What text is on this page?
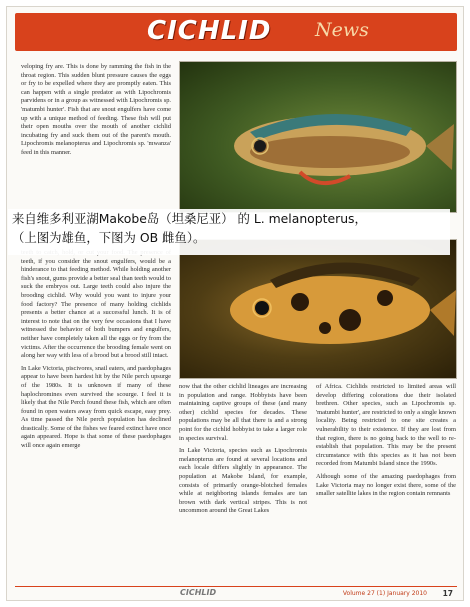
CICHLID News

veloping fry are. This is done by ramming the fish in the throat region. This sudden blunt pressure causes the eggs or fry to be expelled where they are promptly eaten. This can happen with a single predator as with Lipochromis parvidens or in a group as witnessed with Lipochromis sp. 'matumbi hunter'. Fish that are snout engulfers have come up with a unique method of feeding. These fish will put their open mouths over the mouth of another cichlid incubating fry and suck them out of the parent's mouth. Lipochromis melanopterus and Lipochromis sp. 'mwanza' feed in this manner.

teeth, if you consider the snout engulfers, would be a hinderance to that feeding method. While holding another fish's snout, gums provide a better seal than teeth would to suck the embryos out. Large teeth could also injure the brooding cichlid. Why would you want to injure your food factory? The presence of many holding cichlids presents a better chance at a successful lunch. It is of interest to note that on the very few occasions that I have witnessed the behavior of both bumpers and engulfers, neither have completely taken all the eggs or fry from the victims. After the occurrence the brooding female went on along her way with less of a brood but a brood still intact.

In Lake Victoria, piscivores, snail eaters, and paedophages appear to have been hardest hit by the Nile perch upsurge of the 1980s. It is unknown if many of these haplochromines even survived the scourge. I feel it is likely that the Nile Perch found these fish, which are often found in open waters away from quick escape, easy prey. As time passed the Nile perch population has declined drastically. Some of the fishes we feared extinct have once again appeared. Hope is that some of these paedophages will once again emerge

now that the other cichlid lineages are increasing in population and range. Hobbyists have been maintaining captive groups of these (and many other) cichlid species for decades. These populations may be all that there is and a strong point for the cichlid hobbyist to take a larger role in species survival.

In Lake Victoria, species such as Lipochromis melanopterus are found at several locations and each locale differs slightly in appearance. The population at Makobe Island, for example, consists of primarily orange-blotched females while at neighboring islands females are tan brown with dark vertical stripes. This is not uncommon around the Great Lakes

of Africa. Cichlids restricted to limited areas will develop differing colorations due their isolated brethren. Other species, such as Lipochromis sp. 'matumbi hunter', are restricted to only a single known locality. Being restricted to one site creates a vulnerability to their existence. If they are lost from that region, there is no going back to the well to re-establish that population. This may be the present circumstance with this species as it has not been recorded from Matumbi Island since the 1990s.

Although some of the amazing paedophages from Lake Victoria may no longer exist there, some of the smaller satellite lakes in the region contain remnants

CICHLID	Volume 27 (1) January 2010 17
来自维多利亚湖Makobe岛（坦桑尼亚） 的 L. melanopterus，
（上图为雄鱼，下图为 OB 雌鱼）。
